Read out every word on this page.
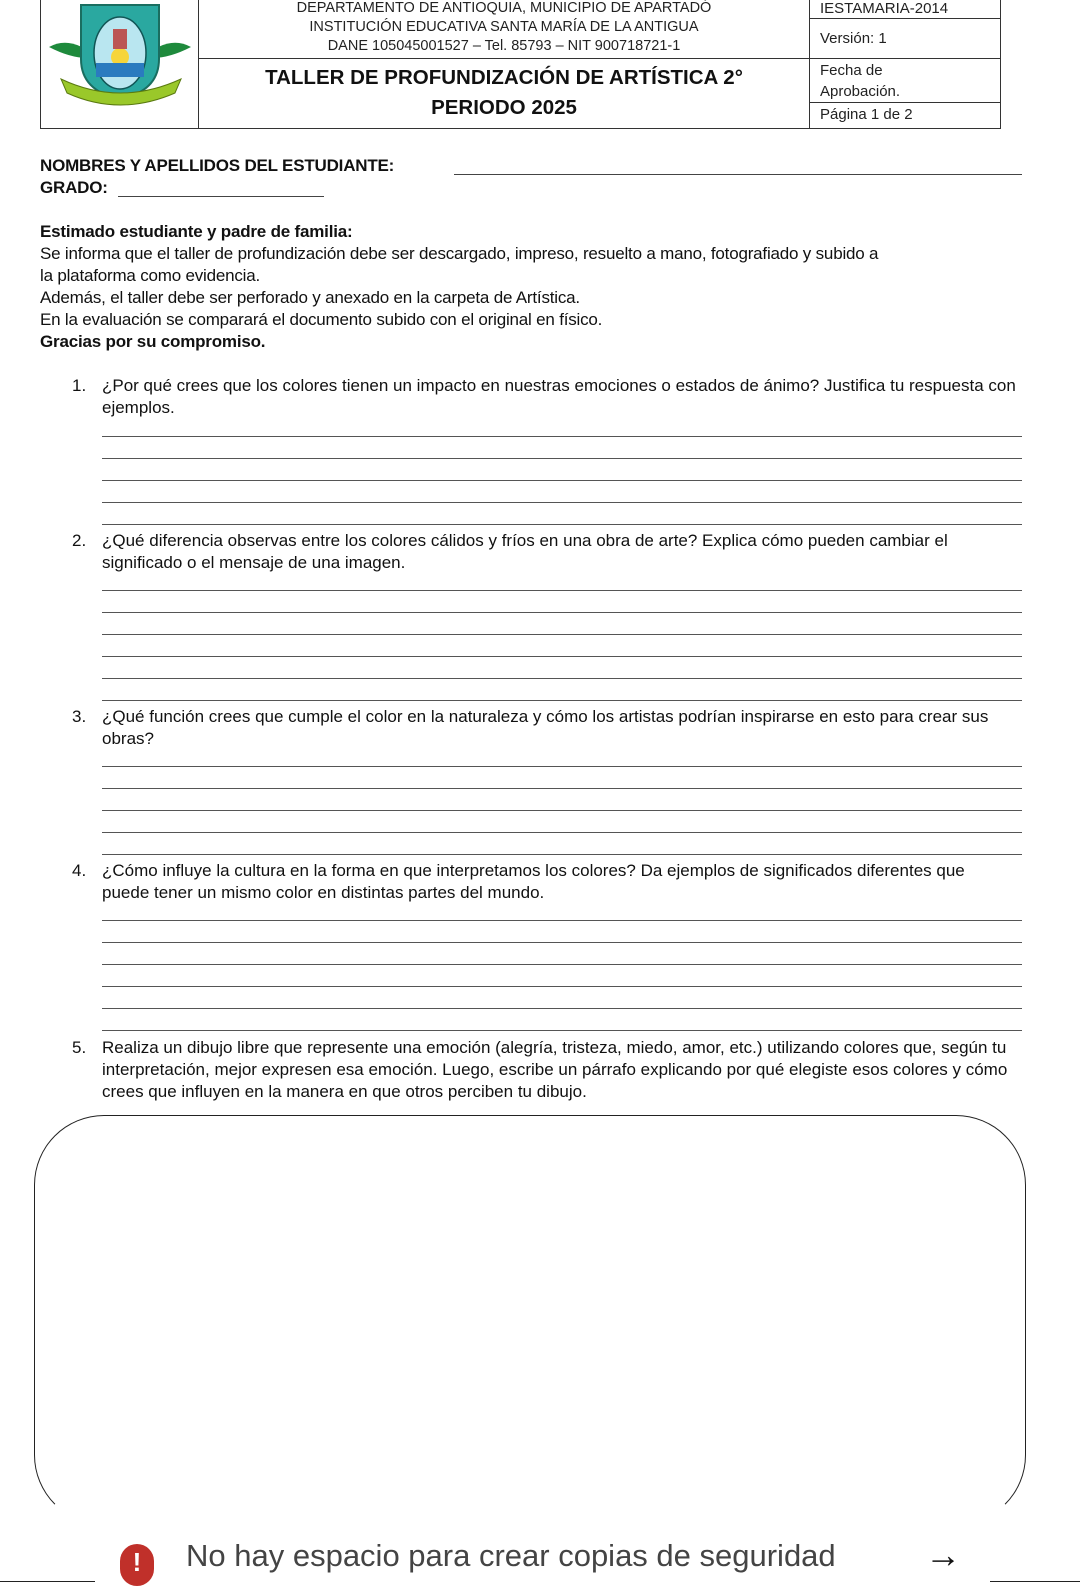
DEPARTAMENTO DE ANTIOQUIA, MUNICIPIO DE APARTADÓ
INSTITUCIÓN EDUCATIVA SANTA MARÍA DE LA ANTIGUA
DANE 105045001527 – Tel. 85793 – NIT 900718721-1
TALLER DE PROFUNDIZACIÓN DE ARTÍSTICA 2°
PERIODO 2025
IESTAMARIA-2014
Versión: 1
Fecha de
Aprobación.
Página 1 de 2
NOMBRES Y APELLIDOS DEL ESTUDIANTE:
GRADO:
Estimado estudiante y padre de familia:
Se informa que el taller de profundización debe ser descargado, impreso, resuelto a mano, fotografiado y subido a
la plataforma como evidencia.
Además, el taller debe ser perforado y anexado en la carpeta de Artística.
En la evaluación se comparará el documento subido con el original en físico.
Gracias por su compromiso.
1. ¿Por qué crees que los colores tienen un impacto en nuestras emociones o estados de ánimo? Justifica tu respuesta con ejemplos.
2. ¿Qué diferencia observas entre los colores cálidos y fríos en una obra de arte? Explica cómo pueden cambiar el significado o el mensaje de una imagen.
3. ¿Qué función crees que cumple el color en la naturaleza y cómo los artistas podrían inspirarse en esto para crear sus obras?
4. ¿Cómo influye la cultura en la forma en que interpretamos los colores? Da ejemplos de significados diferentes que puede tener un mismo color en distintas partes del mundo.
5. Realiza un dibujo libre que represente una emoción (alegría, tristeza, miedo, amor, etc.) utilizando colores que, según tu interpretación, mejor expresen esa emoción. Luego, escribe un párrafo explicando por qué elegiste esos colores y cómo crees que influyen en la manera en que otros perciben tu dibujo.
!	No hay espacio para crear copias de seguridad →
